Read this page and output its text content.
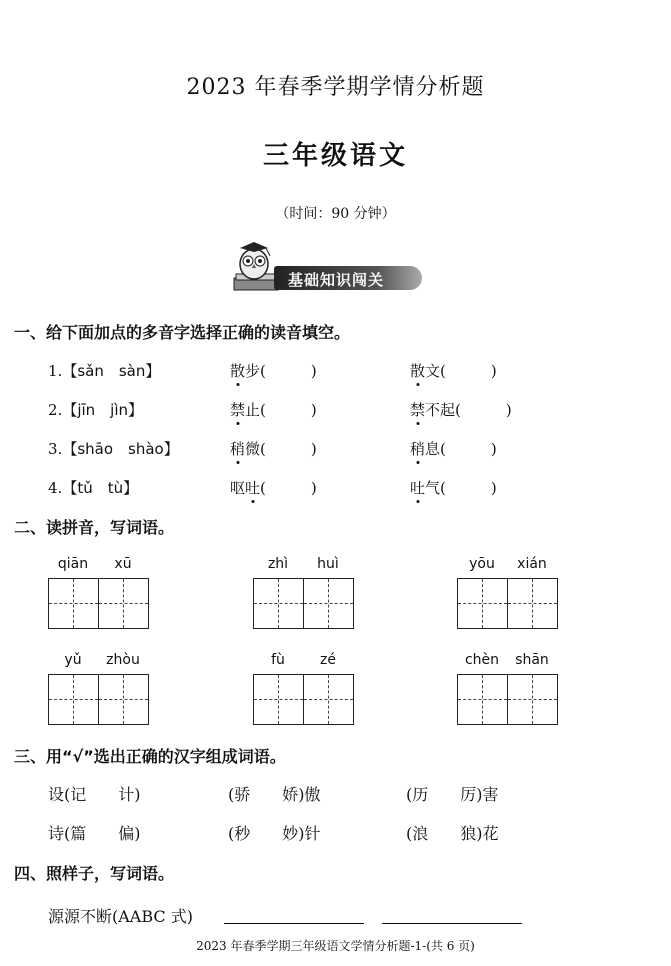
2023 年春季学期学情分析题
三年级语文
（时间：90 分钟）
基础知识闯关
一、给下面加点的多音字选择正确的读音填空。
1.【sǎn　sàn】	散步(　　　)	散文(　　　)
2.【jīn　jìn】	禁止(　　　)	禁不起(　　　)
3.【shāo　shào】	稍微(　　　)	稍息(　　　)
4.【tǔ　tù】	呕吐(　　　)	吐气(　　　)
二、读拼音，写词语。
qiān	xū	zhì	huì	yōu	xián
yǔ	zhòu	fù	zé	chèn	shān
三、用“√”选出正确的汉字组成词语。
设(记　　计)	(骄　　娇)傲	(历　　厉)害
诗(篇　　偏)	(秒　　妙)针	(浪　　狼)花
四、照样子，写词语。
源源不断(AABC 式)
2023 年春季学期三年级语文学情分析题-1-(共 6 页)
